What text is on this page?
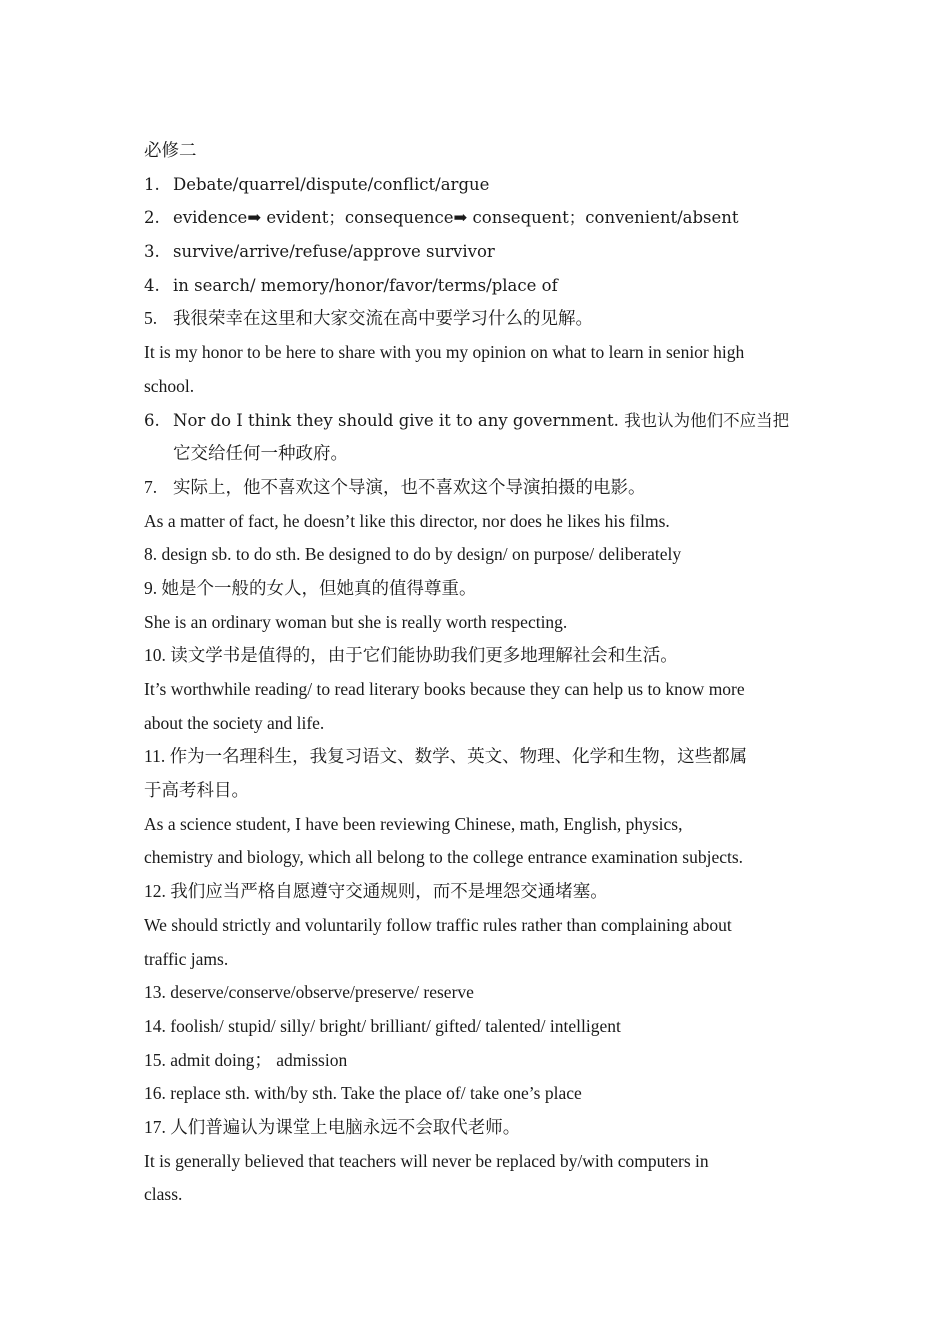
必修二
1. Debate/quarrel/dispute/conflict/argue
2. evidence➡ evident；consequence➡ consequent；convenient/absent
3. survive/arrive/refuse/approve survivor
4. in search/ memory/honor/favor/terms/place of
5. 我很荣幸在这里和大家交流在高中要学习什么的见解。
It is my honor to be here to share with you my opinion on what to learn in senior high
school.
6. Nor do I think they should give it to any government. 我也认为他们不应当把
它交给任何一种政府。
7. 实际上，他不喜欢这个导演，也不喜欢这个导演拍摄的电影。
As a matter of fact, he doesn’t like this director, nor does he likes his films.
8. design sb. to do sth. Be designed to do by design/ on purpose/ deliberately
9. 她是个一般的女人，但她真的值得尊重。
She is an ordinary woman but she is really worth respecting.
10. 读文学书是值得的，由于它们能协助我们更多地理解社会和生活。
It’s worthwhile reading/ to read literary books because they can help us to know more
about the society and life.
11. 作为一名理科生，我复习语文、数学、英文、物理、化学和生物，这些都属
于高考科目。
As a science student, I have been reviewing Chinese, math, English, physics,
chemistry and biology, which all belong to the college entrance examination subjects.
12. 我们应当严格自愿遵守交通规则，而不是埋怨交通堵塞。
We should strictly and voluntarily follow traffic rules rather than complaining about
traffic jams.
13. deserve/conserve/observe/preserve/ reserve
14. foolish/ stupid/ silly/ bright/ brilliant/ gifted/ talented/ intelligent
15. admit doing； admission
16. replace sth. with/by sth. Take the place of/ take one’s place
17. 人们普遍认为课堂上电脑永远不会取代老师。
It is generally believed that teachers will never be replaced by/with computers in
class.
